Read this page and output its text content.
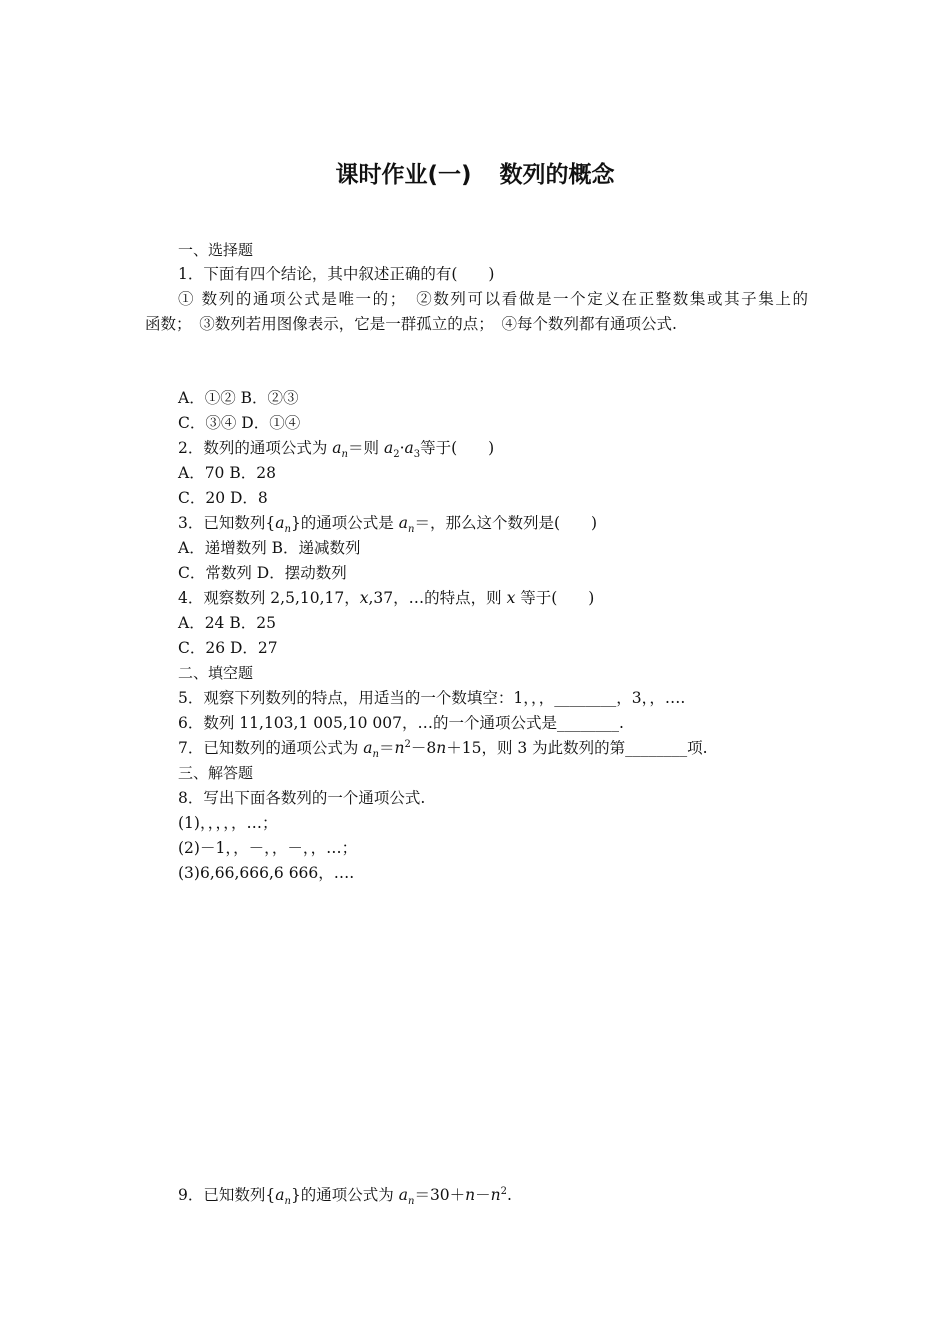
课时作业(一) 数列的概念
一、选择题
1．下面有四个结论，其中叙述正确的有(　　)
① 数列的通项公式是唯一的；　②数列可以看做是一个定义在正整数集或其子集上的
函数；　③数列若用图像表示，它是一群孤立的点；　④每个数列都有通项公式.
A．①② B．②③
C．③④ D．①④
2．数列的通项公式为 $a_n=$则 $a_2\cdot a_3$等于(　　)
A．70 B．28
C．20 D．8
3．已知数列$\{a_n\}$的通项公式是 $a_n=$，那么这个数列是(　　)
A．递增数列 B．递减数列
C．常数列 D．摆动数列
4．观察数列 2,5,10,17，x,37，…的特点，则 x 等于(　　)
A．24 B．25
C．26 D．27
二、填空题
5．观察下列数列的特点，用适当的一个数填空：1，，，________，3，，….
6．数列 11,103,1 005,10 007，…的一个通项公式是________.
7．已知数列的通项公式为 $a_n=n^2-8n+15$，则 3 为此数列的第________项.
三、解答题
8．写出下面各数列的一个通项公式.
(1)，，，，，…；
(2)－1，，－，，－，，…；
(3)6,66,666,6 666，….
9．已知数列$\{a_n\}$的通项公式为 $a_n=30+n-n^2$.
